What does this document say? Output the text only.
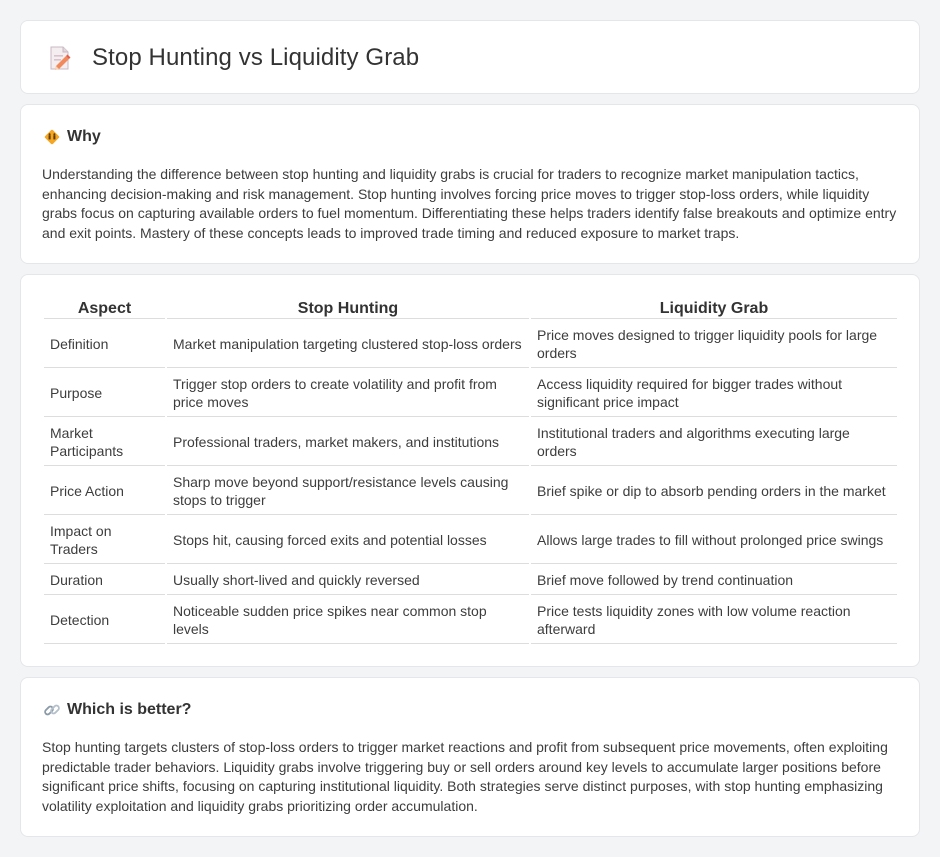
Stop Hunting vs Liquidity Grab
Why

Understanding the difference between stop hunting and liquidity grabs is crucial for traders to recognize market manipulation tactics, enhancing decision-making and risk management. Stop hunting involves forcing price moves to trigger stop-loss orders, while liquidity grabs focus on capturing available orders to fuel momentum. Differentiating these helps traders identify false breakouts and optimize entry and exit points. Mastery of these concepts leads to improved trade timing and reduced exposure to market traps.

Aspect	Stop Hunting	Liquidity Grab
Definition	Market manipulation targeting clustered stop-loss orders	Price moves designed to trigger liquidity pools for large orders
Purpose	Trigger stop orders to create volatility and profit from price moves	Access liquidity required for bigger trades without significant price impact
Market Participants	Professional traders, market makers, and institutions	Institutional traders and algorithms executing large orders
Price Action	Sharp move beyond support/resistance levels causing stops to trigger	Brief spike or dip to absorb pending orders in the market
Impact on Traders	Stops hit, causing forced exits and potential losses	Allows large trades to fill without prolonged price swings
Duration	Usually short-lived and quickly reversed	Brief move followed by trend continuation
Detection	Noticeable sudden price spikes near common stop levels	Price tests liquidity zones with low volume reaction afterward
Which is better?

Stop hunting targets clusters of stop-loss orders to trigger market reactions and profit from subsequent price movements, often exploiting predictable trader behaviors. Liquidity grabs involve triggering buy or sell orders around key levels to accumulate larger positions before significant price shifts, focusing on capturing institutional liquidity. Both strategies serve distinct purposes, with stop hunting emphasizing volatility exploitation and liquidity grabs prioritizing order accumulation.
